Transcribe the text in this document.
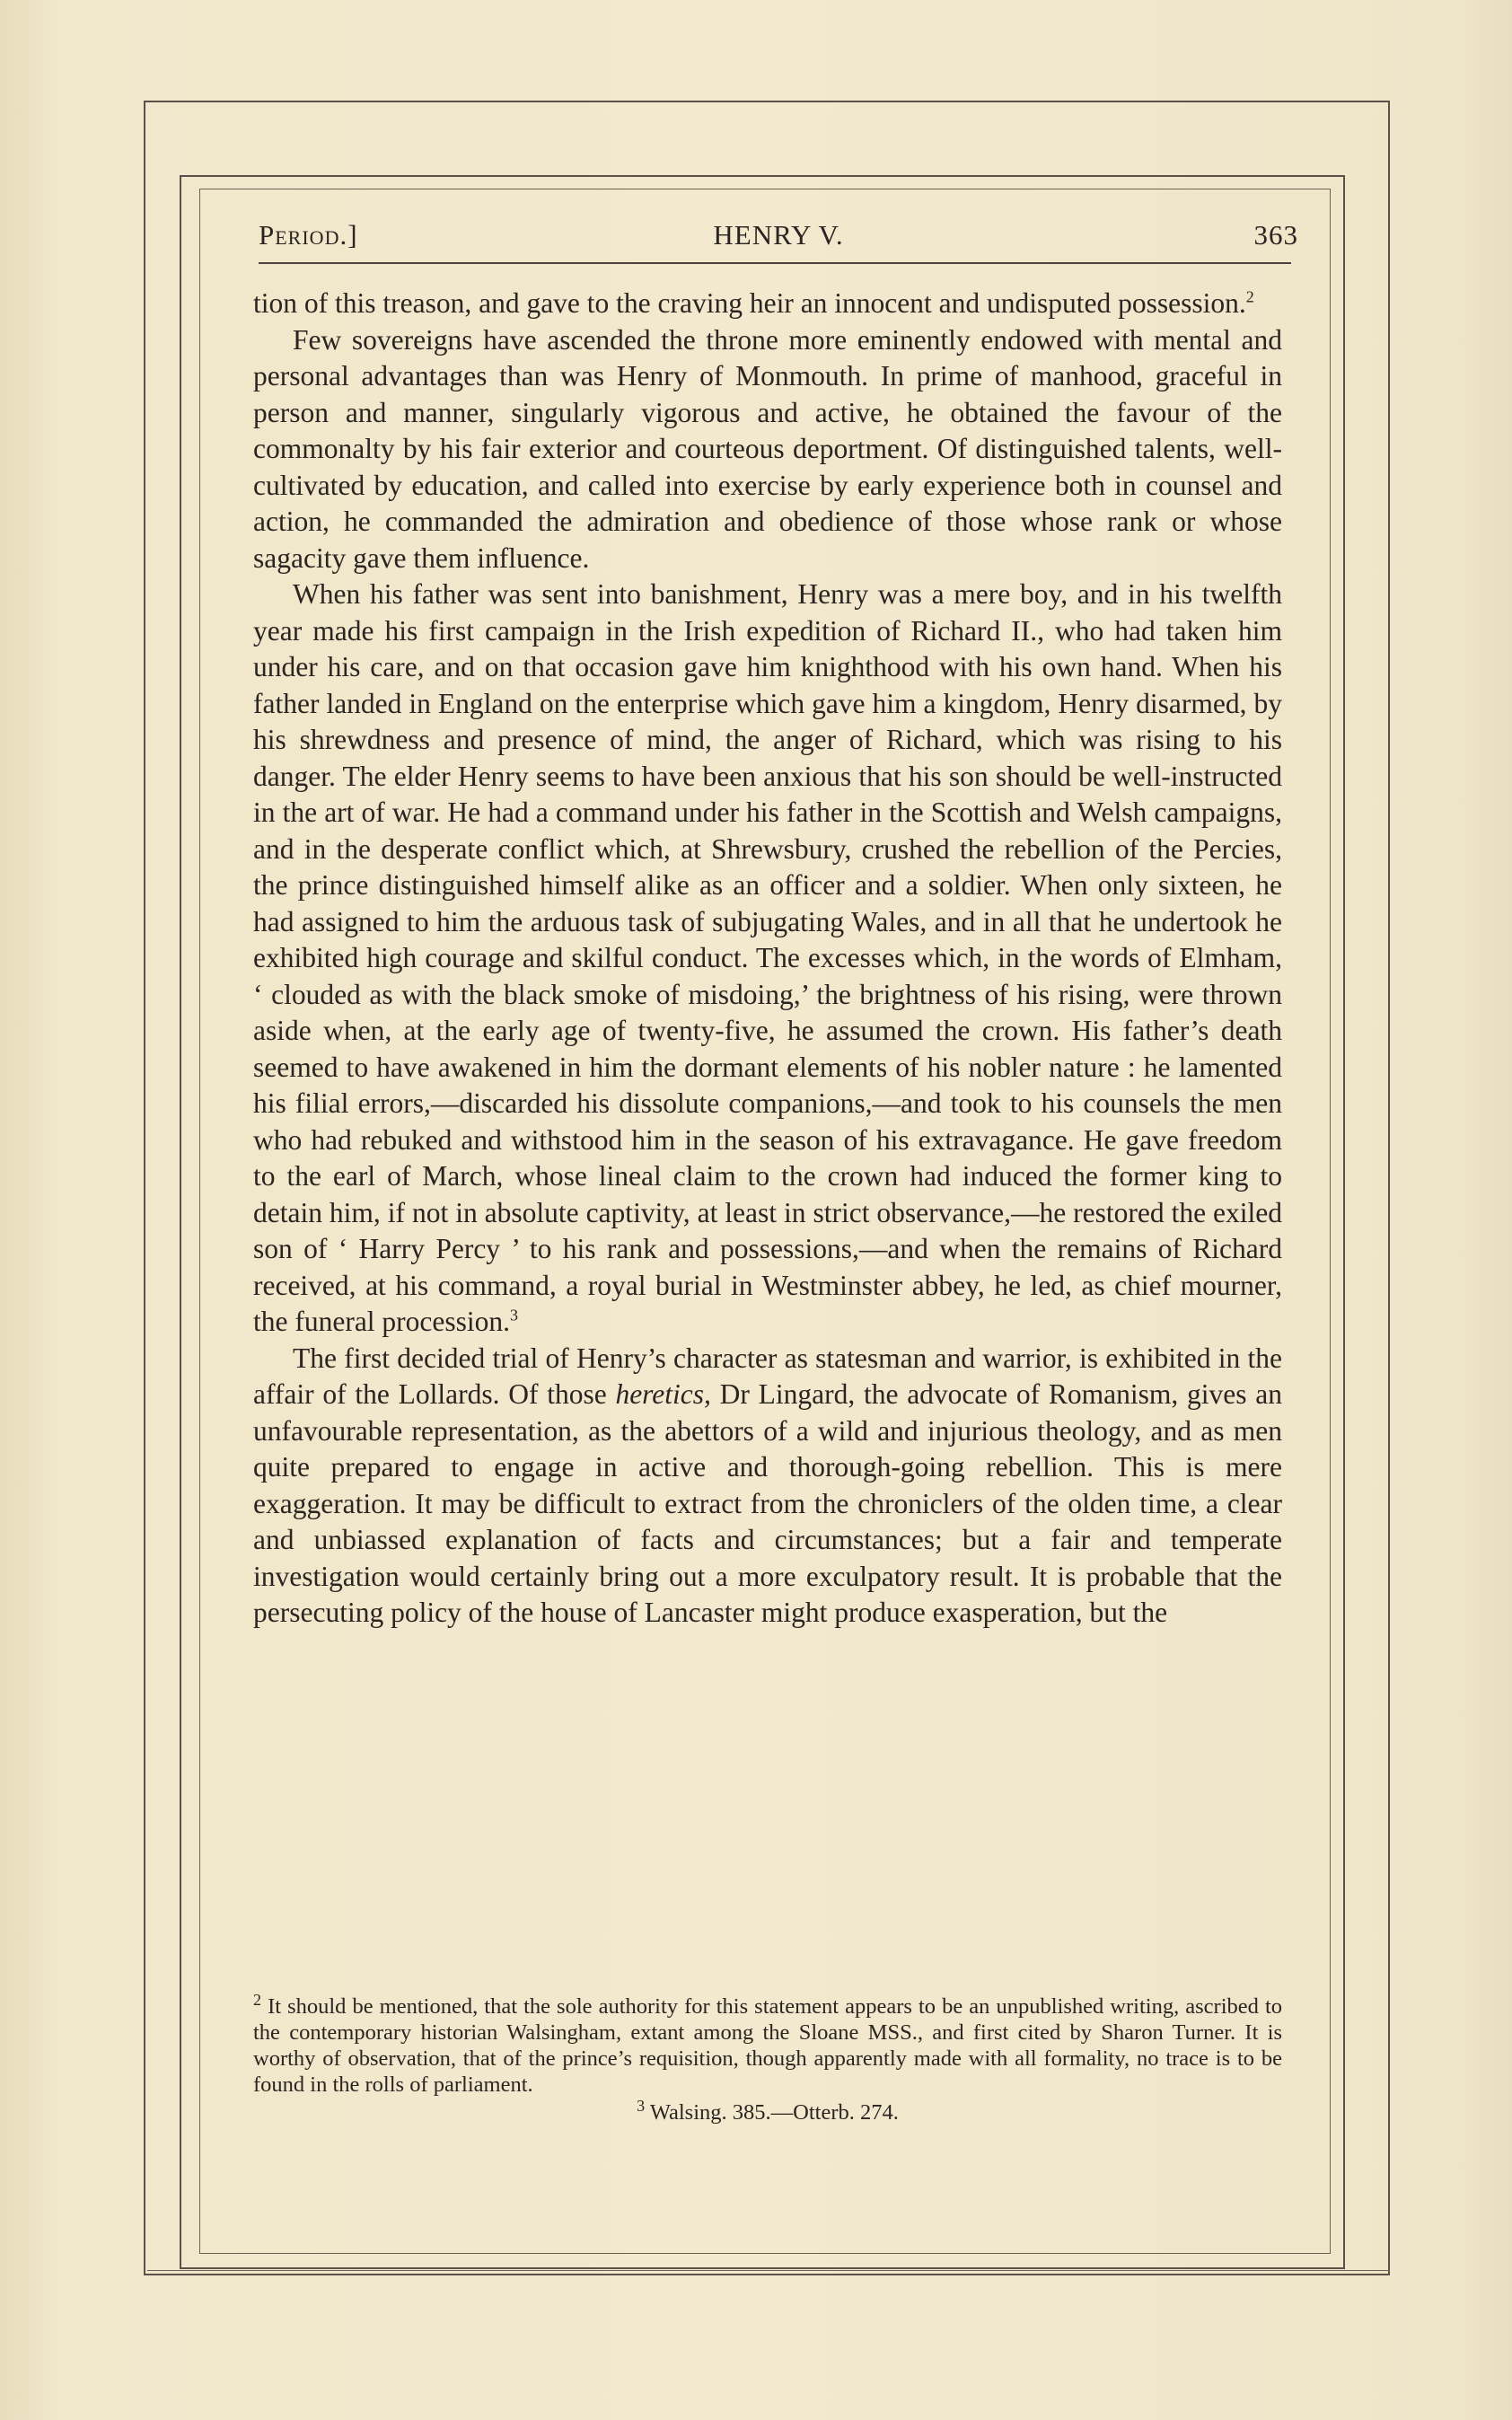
Period.]	HENRY V.	363

tion of this treason, and gave to the craving heir an innocent and undisputed possession.$^2$

Few sovereigns have ascended the throne more eminently endowed with mental and personal advantages than was Henry of Monmouth. In prime of manhood, graceful in person and manner, singularly vigorous and active, he obtained the favour of the commonalty by his fair exterior and courteous deportment. Of distinguished talents, well-cultivated by education, and called into exercise by early experience both in counsel and action, he commanded the admiration and obedience of those whose rank or whose sagacity gave them influence.

When his father was sent into banishment, Henry was a mere boy, and in his twelfth year made his first campaign in the Irish expedition of Richard II., who had taken him under his care, and on that occasion gave him knighthood with his own hand. When his father landed in England on the enterprise which gave him a kingdom, Henry disarmed, by his shrewdness and presence of mind, the anger of Richard, which was rising to his danger. The elder Henry seems to have been anxious that his son should be well-instructed in the art of war. He had a command under his father in the Scottish and Welsh campaigns, and in the desperate conflict which, at Shrewsbury, crushed the rebellion of the Percies, the prince distinguished himself alike as an officer and a soldier. When only sixteen, he had assigned to him the arduous task of subjugating Wales, and in all that he undertook he exhibited high courage and skilful conduct. The excesses which, in the words of Elmham, ‘ clouded as with the black smoke of misdoing,’ the brightness of his rising, were thrown aside when, at the early age of twenty-five, he assumed the crown. His father’s death seemed to have awakened in him the dormant elements of his nobler nature : he lamented his filial errors,—discarded his dissolute companions,—and took to his counsels the men who had rebuked and withstood him in the season of his extravagance. He gave freedom to the earl of March, whose lineal claim to the crown had induced the former king to detain him, if not in absolute captivity, at least in strict observance,—he restored the exiled son of ‘ Harry Percy ’ to his rank and possessions,—and when the remains of Richard received, at his command, a royal burial in Westminster abbey, he led, as chief mourner, the funeral procession.$^3$

The first decided trial of Henry’s character as statesman and warrior, is exhibited in the affair of the Lollards. Of those heretics, Dr Lingard, the advocate of Romanism, gives an unfavourable representation, as the abettors of a wild and injurious theology, and as men quite prepared to engage in active and thorough-going rebellion. This is mere exaggeration. It may be difficult to extract from the chroniclers of the olden time, a clear and unbiassed explanation of facts and circumstances; but a fair and temperate investigation would certainly bring out a more exculpatory result. It is probable that the persecuting policy of the house of Lancaster might produce exasperation, but the

$^2$ It should be mentioned, that the sole authority for this statement appears to be an unpublished writing, ascribed to the contemporary historian Walsingham, extant among the Sloane MSS., and first cited by Sharon Turner. It is worthy of observation, that of the prince’s requisition, though apparently made with all formality, no trace is to be found in the rolls of parliament.

$^3$ Walsing. 385.—Otterb. 274.
